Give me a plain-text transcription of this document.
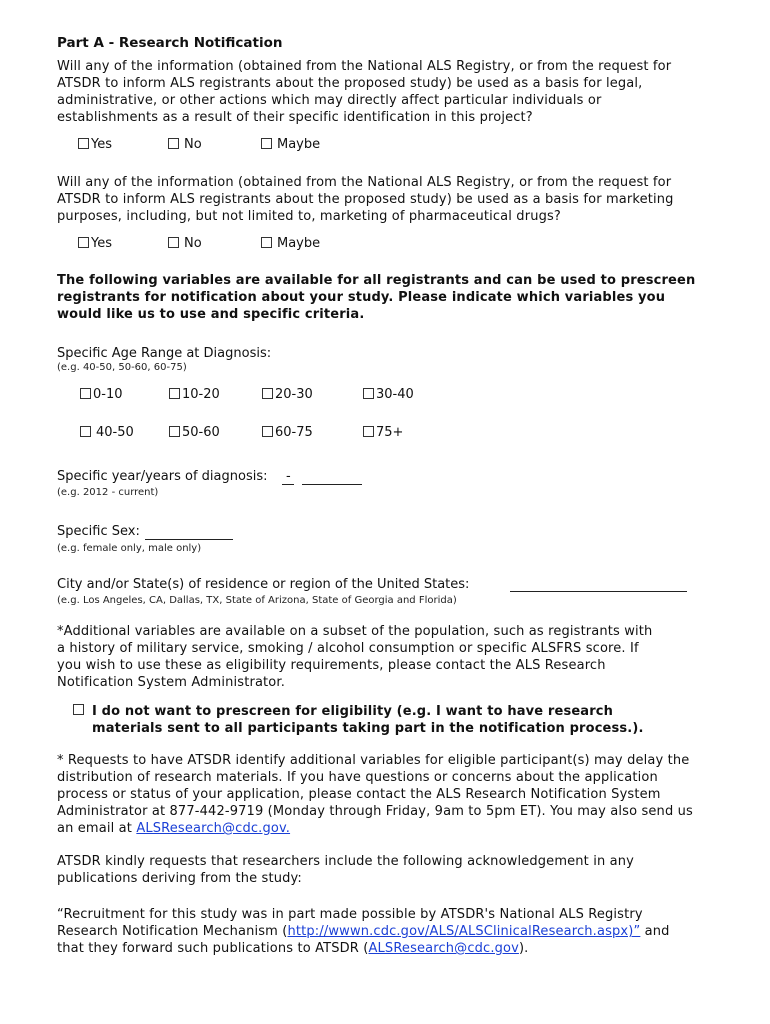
Part A - Research Notification
Will any of the information (obtained from the National ALS Registry, or from the request for ATSDR to inform ALS registrants about the proposed study) be used as a basis for legal, administrative, or other actions which may directly affect particular individuals or establishments as a result of their specific identification in this project?
Yes	No	Maybe
Will any of the information (obtained from the National ALS Registry, or from the request for ATSDR to inform ALS registrants about the proposed study) be used as a basis for marketing purposes, including, but not limited to, marketing of pharmaceutical drugs?
Yes	No	Maybe
The following variables are available for all registrants and can be used to prescreen registrants for notification about your study. Please indicate which variables you would like us to use and specific criteria.
Specific Age Range at Diagnosis:
(e.g. 40-50, 50-60, 60-75)
0-10	10-20	20-30	30-40
40-50	50-60	60-75	75+
Specific year/years of diagnosis: -
(e.g. 2012 - current)
Specific Sex:
(e.g. female only, male only)
City and/or State(s) of residence or region of the United States:
(e.g. Los Angeles, CA, Dallas, TX, State of Arizona, State of Georgia and Florida)
*Additional variables are available on a subset of the population, such as registrants with a history of military service, smoking / alcohol consumption or specific ALSFRS score. If you wish to use these as eligibility requirements, please contact the ALS Research Notification System Administrator.
I do not want to prescreen for eligibility (e.g. I want to have research
materials sent to all participants taking part in the notification process.).
* Requests to have ATSDR identify additional variables for eligible participant(s) may delay the distribution of research materials. If you have questions or concerns about the application process or status of your application, please contact the ALS Research Notification System Administrator at 877-442-9719 (Monday through Friday, 9am to 5pm ET). You may also send us an email at ALSResearch@cdc.gov.
ATSDR kindly requests that researchers include the following acknowledgement in any publications deriving from the study:
“Recruitment for this study was in part made possible by ATSDR's National ALS Registry Research Notification Mechanism (http://wwwn.cdc.gov/ALS/ALSClinicalResearch.aspx)” and that they forward such publications to ATSDR (ALSResearch@cdc.gov).
